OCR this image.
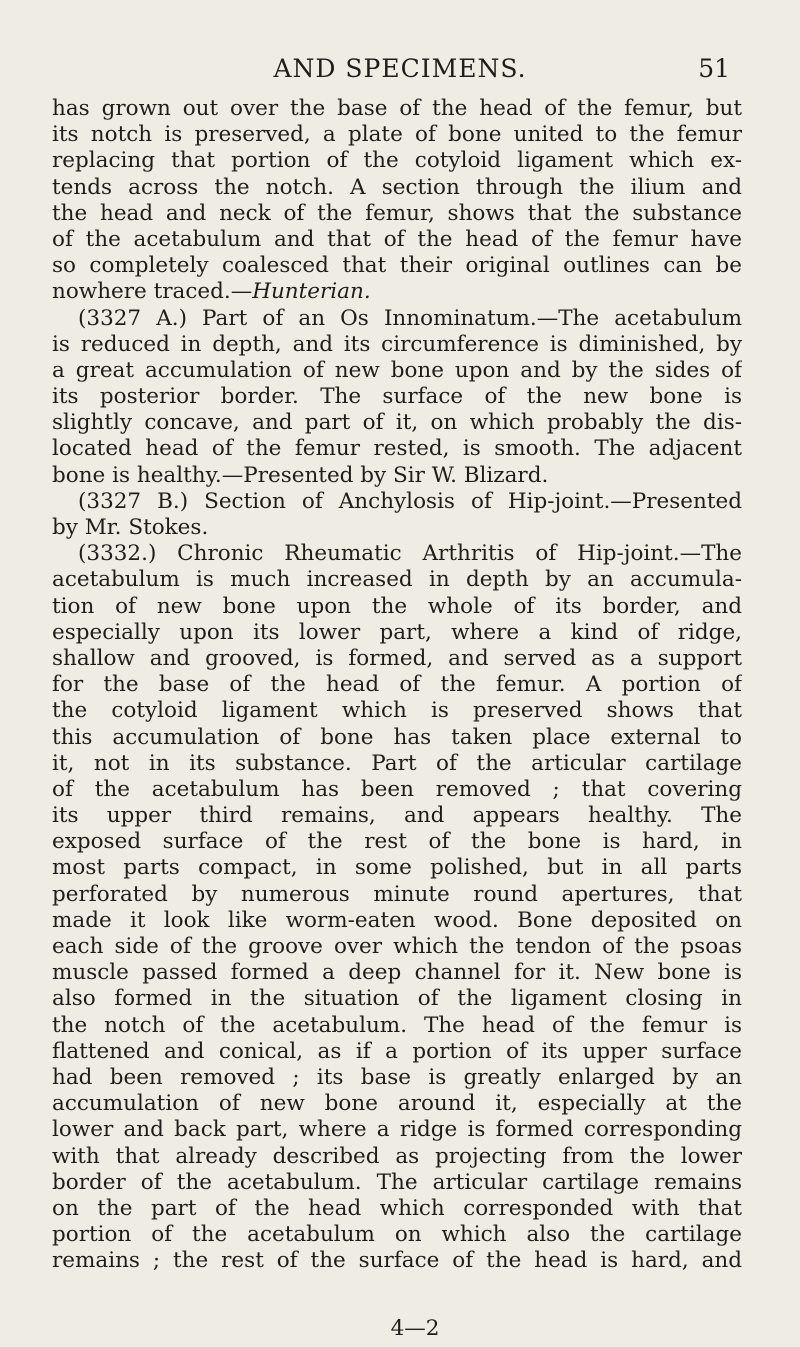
AND SPECIMENS.	51
has grown out over the base of the head of the femur, but
its notch is preserved, a plate of bone united to the femur
replacing that portion of the cotyloid ligament which ex-
tends across the notch. A section through the ilium and
the head and neck of the femur, shows that the substance
of the acetabulum and that of the head of the femur have
so completely coalesced that their original outlines can be
nowhere traced.—Hunterian.
(3327 A.) Part of an Os Innominatum.—The acetabulum
is reduced in depth, and its circumference is diminished, by
a great accumulation of new bone upon and by the sides of
its posterior border. The surface of the new bone is
slightly concave, and part of it, on which probably the dis-
located head of the femur rested, is smooth. The adjacent
bone is healthy.—Presented by Sir W. Blizard.
(3327 B.) Section of Anchylosis of Hip-joint.—Presented
by Mr. Stokes.
(3332.) Chronic Rheumatic Arthritis of Hip-joint.—The
acetabulum is much increased in depth by an accumula-
tion of new bone upon the whole of its border, and
especially upon its lower part, where a kind of ridge,
shallow and grooved, is formed, and served as a support
for the base of the head of the femur. A portion of
the cotyloid ligament which is preserved shows that
this accumulation of bone has taken place external to
it, not in its substance. Part of the articular cartilage
of the acetabulum has been removed ; that covering
its upper third remains, and appears healthy. The
exposed surface of the rest of the bone is hard, in
most parts compact, in some polished, but in all parts
perforated by numerous minute round apertures, that
made it look like worm-eaten wood. Bone deposited on
each side of the groove over which the tendon of the psoas
muscle passed formed a deep channel for it. New bone is
also formed in the situation of the ligament closing in
the notch of the acetabulum. The head of the femur is
flattened and conical, as if a portion of its upper surface
had been removed ; its base is greatly enlarged by an
accumulation of new bone around it, especially at the
lower and back part, where a ridge is formed corresponding
with that already described as projecting from the lower
border of the acetabulum. The articular cartilage remains
on the part of the head which corresponded with that
portion of the acetabulum on which also the cartilage
remains ; the rest of the surface of the head is hard, and
4—2
